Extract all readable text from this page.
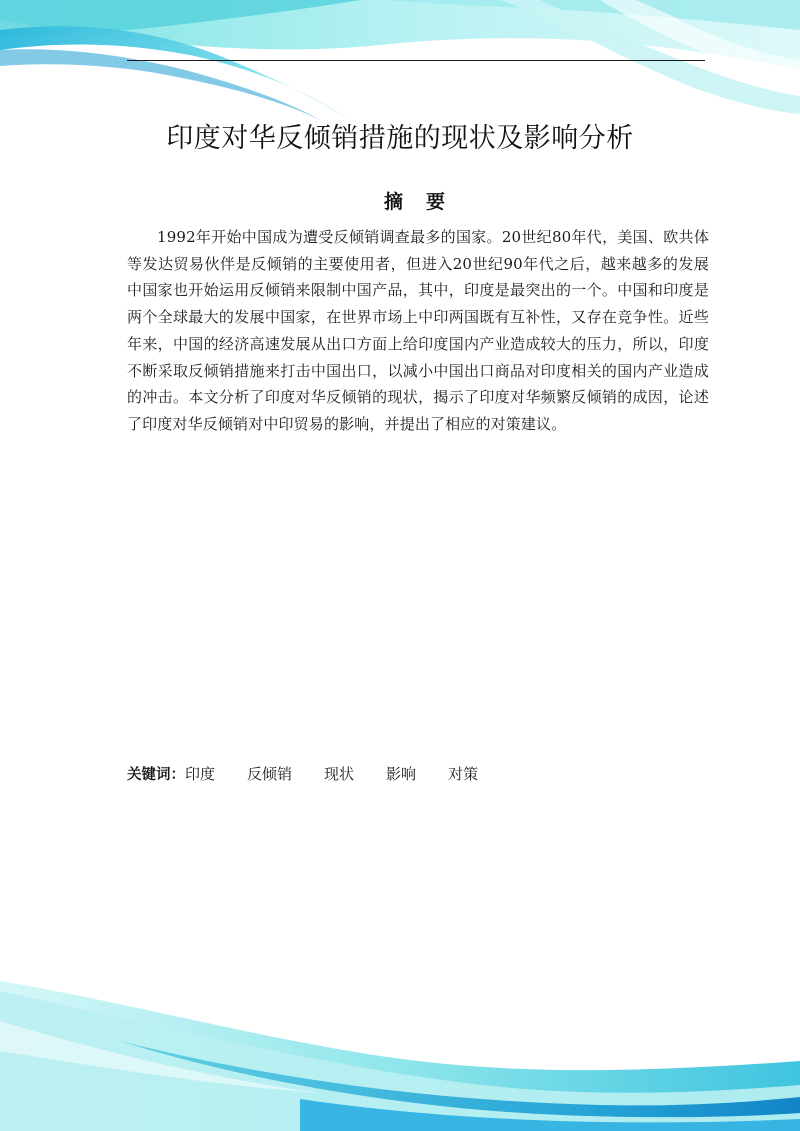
印度对华反倾销措施的现状及影响分析
摘 要

1992年开始中国成为遭受反倾销调查最多的国家。20世纪80年代，美国、欧共体等发达贸易伙伴是反倾销的主要使用者，但进入20世纪90年代之后，越来越多的发展中国家也开始运用反倾销来限制中国产品，其中，印度是最突出的一个。中国和印度是两个全球最大的发展中国家，在世界市场上中印两国既有互补性，又存在竞争性。近些年来，中国的经济高速发展从出口方面上给印度国内产业造成较大的压力，所以，印度不断采取反倾销措施来打击中国出口，以减小中国出口商品对印度相关的国内产业造成的冲击。本文分析了印度对华反倾销的现状，揭示了印度对华频繁反倾销的成因，论述了印度对华反倾销对中印贸易的影响，并提出了相应的对策建议。

关键词：印度 反倾销 现状 影响 对策
